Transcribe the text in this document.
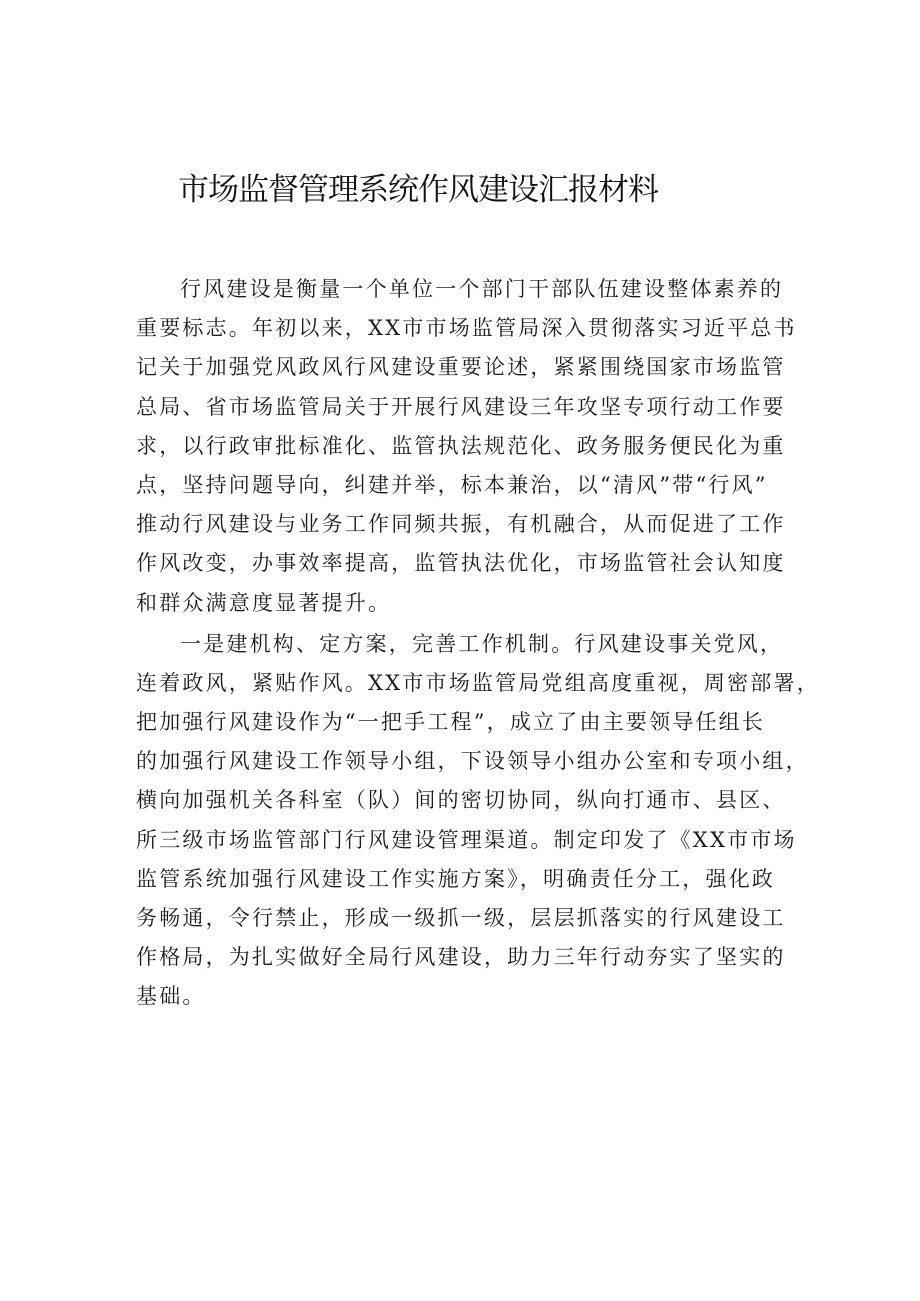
市场监督管理系统作风建设汇报材料
行风建设是衡量一个单位一个部门干部队伍建设整体素养的
重要标志。年初以来，XX市市场监管局深入贯彻落实习近平总书
记关于加强党风政风行风建设重要论述，紧紧围绕国家市场监管
总局、省市场监管局关于开展行风建设三年攻坚专项行动工作要
求，以行政审批标准化、监管执法规范化、政务服务便民化为重
点，坚持问题导向，纠建并举，标本兼治，以“清风”带“行风”
推动行风建设与业务工作同频共振，有机融合，从而促进了工作
作风改变，办事效率提高，监管执法优化，市场监管社会认知度
和群众满意度显著提升。
一是建机构、定方案，完善工作机制。行风建设事关党风，
连着政风，紧贴作风。XX市市场监管局党组高度重视，周密部署，
把加强行风建设作为“一把手工程”，成立了由主要领导任组长
的加强行风建设工作领导小组，下设领导小组办公室和专项小组，
横向加强机关各科室（队）间的密切协同，纵向打通市、县区、
所三级市场监管部门行风建设管理渠道。制定印发了《XX市市场
监管系统加强行风建设工作实施方案》，明确责任分工，强化政
务畅通，令行禁止，形成一级抓一级，层层抓落实的行风建设工
作格局，为扎实做好全局行风建设，助力三年行动夯实了坚实的
基础。
